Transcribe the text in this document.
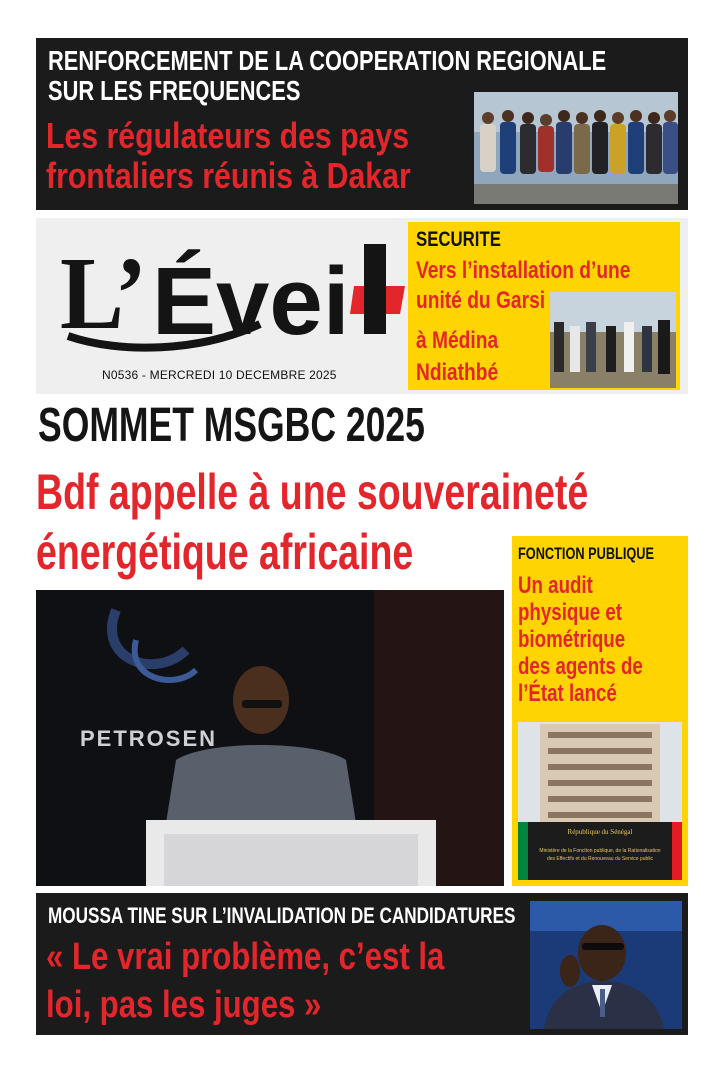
RENFORCEMENT DE LA COOPERATION REGIONALE
SUR LES FREQUENCES
Les régulateurs des pays
frontaliers réunis à Dakar
L’ Évei
N0536 - MERCREDI 10 DECEMBRE 2025
SECURITE
Vers l’installation d’une
unité du Garsi
à Médina
Ndiathbé
SOMMET MSGBC 2025
Bdf appelle à une souveraineté
énergétique africaine
PETROSEN
FONCTION PUBLIQUE
Un audit
physique et
biométrique
des agents de
l’État lancé
République du Sénégal
Ministère de la Fonction publique, de la Rationalisation
des Effectifs et du Renouveau du Service public
MOUSSA TINE SUR L’INVALIDATION DE CANDIDATURES
« Le vrai problème, c’est la
loi, pas les juges »
